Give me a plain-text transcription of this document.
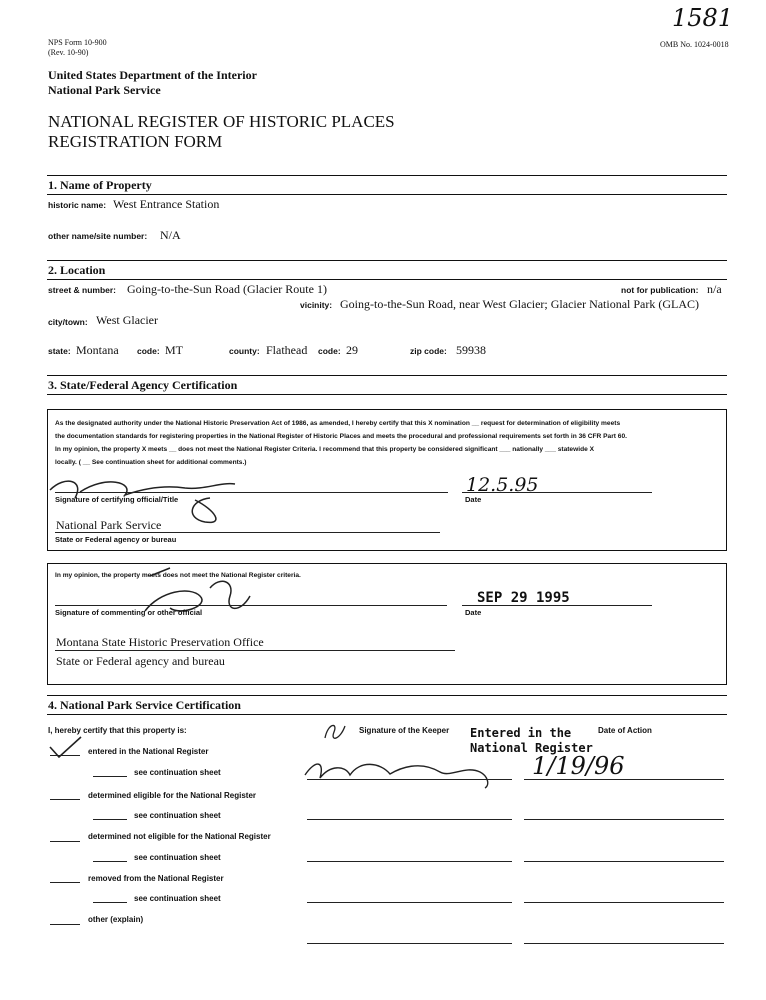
1581
NPS Form 10-900
(Rev. 10-90)
OMB No. 1024-0018
United States Department of the Interior
National Park Service
NATIONAL REGISTER OF HISTORIC PLACES
REGISTRATION FORM
1. Name of Property
historic name: West Entrance Station
other name/site number: N/A
2. Location
street & number: Going-to-the-Sun Road (Glacier Route 1)	not for publication: n/a
vicinity: Going-to-the-Sun Road, near West Glacier; Glacier National Park (GLAC)
city/town: West Glacier
state: Montana code: MT	county: Flathead code: 29	zip code: 59938
3. State/Federal Agency Certification
As the designated authority under the National Historic Preservation Act of 1986, as amended, I hereby certify that this X nomination __ request for determination of eligibility meets
the documentation standards for registering properties in the National Register of Historic Places and meets the procedural and professional requirements set forth in 36 CFR Part 60.
In my opinion, the property X meets __ does not meet the National Register Criteria. I recommend that this property be considered significant ___ nationally ___ statewide X
locally. ( __ See continuation sheet for additional comments.)
Signature of certifying official/Title
12.5.95
Date
National Park Service
State or Federal agency or bureau
In my opinion, the property meets does not meet the National Register criteria.
Signature of commenting or other official
SEP 29 1995
Date
Montana State Historic Preservation Office
State or Federal agency and bureau
4. National Park Service Certification
I, hereby certify that this property is:	Signature of the Keeper	Date of Action
Entered in the
National Register
1/19/96
entered in the National Register
see continuation sheet
determined eligible for the National Register
see continuation sheet
determined not eligible for the National Register
see continuation sheet
removed from the National Register
see continuation sheet
other (explain)
